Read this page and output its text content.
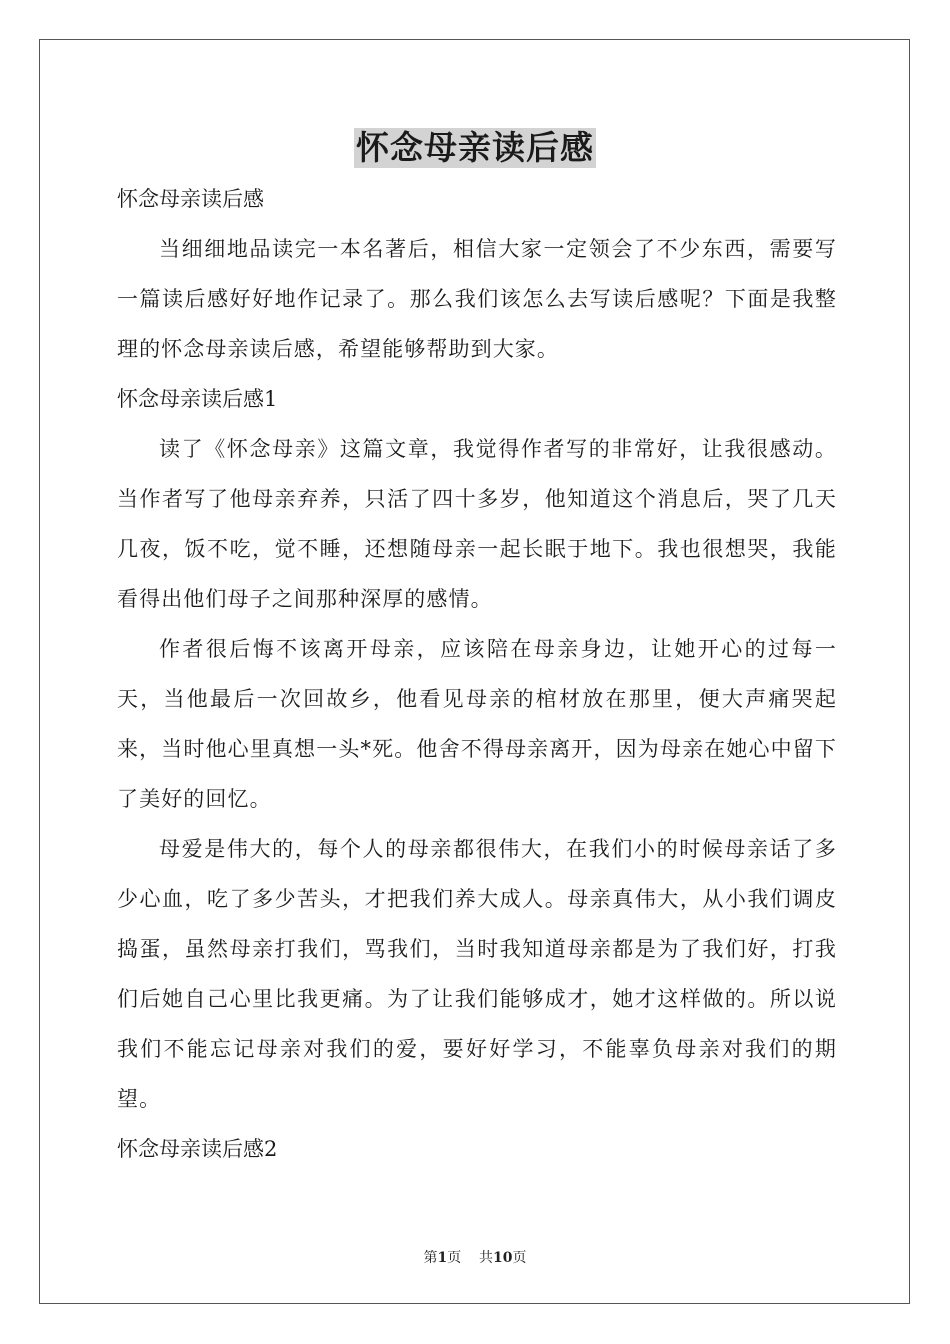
怀念母亲读后感

怀念母亲读后感

当细细地品读完一本名著后，相信大家一定领会了不少东西，需要写一篇读后感好好地作记录了。那么我们该怎么去写读后感呢？下面是我整理的怀念母亲读后感，希望能够帮助到大家。

怀念母亲读后感1

读了《怀念母亲》这篇文章，我觉得作者写的非常好，让我很感动。当作者写了他母亲弃养，只活了四十多岁，他知道这个消息后，哭了几天几夜，饭不吃，觉不睡，还想随母亲一起长眠于地下。我也很想哭，我能看得出他们母子之间那种深厚的感情。

作者很后悔不该离开母亲，应该陪在母亲身边，让她开心的过每一天，当他最后一次回故乡，他看见母亲的棺材放在那里，便大声痛哭起来，当时他心里真想一头*死。他舍不得母亲离开，因为母亲在她心中留下了美好的回忆。

母爱是伟大的，每个人的母亲都很伟大，在我们小的时候母亲话了多少心血，吃了多少苦头，才把我们养大成人。母亲真伟大，从小我们调皮捣蛋，虽然母亲打我们，骂我们，当时我知道母亲都是为了我们好，打我们后她自己心里比我更痛。为了让我们能够成才，她才这样做的。所以说我们不能忘记母亲对我们的爱，要好好学习，不能辜负母亲对我们的期望。

怀念母亲读后感2

第1页 共10页
